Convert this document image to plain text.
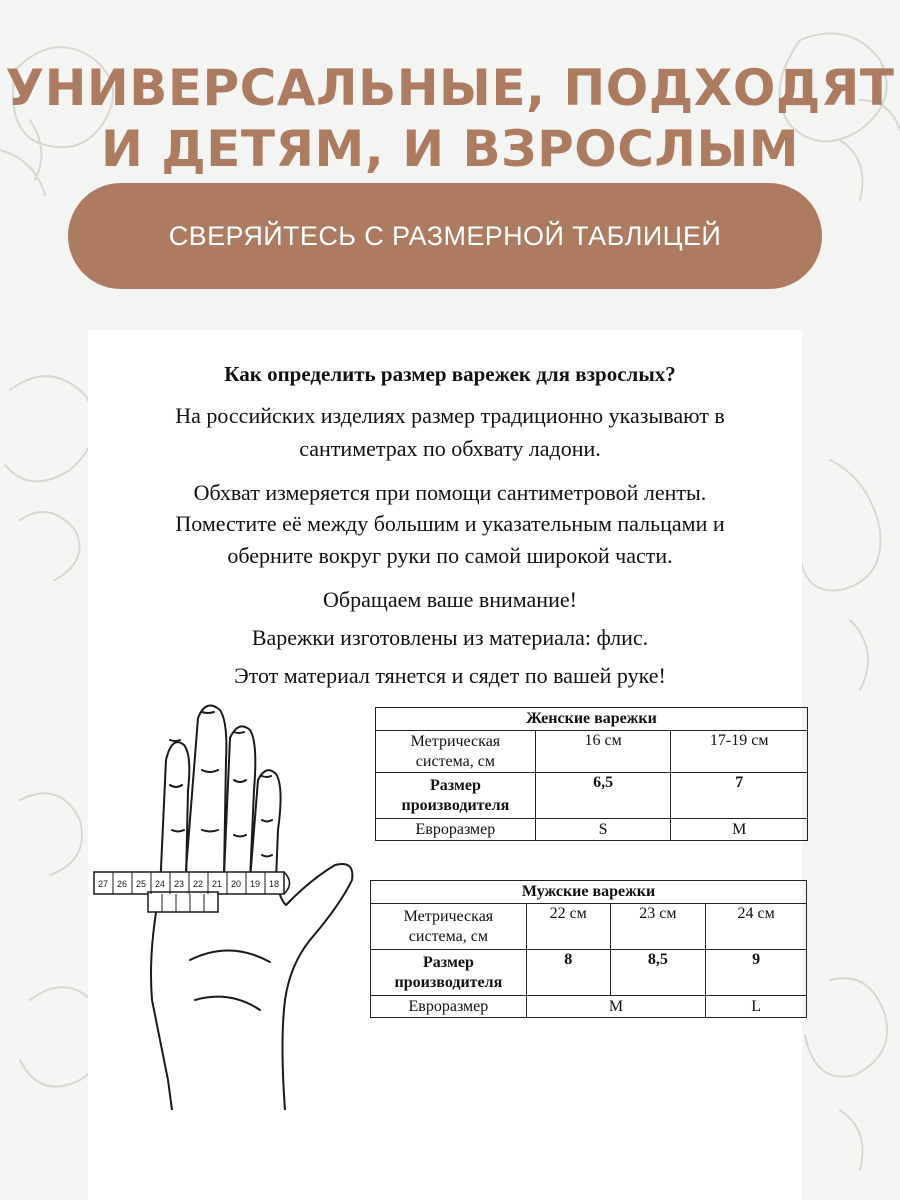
УНИВЕРСАЛЬНЫЕ, ПОДХОДЯТ
И ДЕТЯМ, И ВЗРОСЛЫМ
СВЕРЯЙТЕСЬ С РАЗМЕРНОЙ ТАБЛИЦЕЙ

Как определить размер варежек для взрослых?

На российских изделиях размер традиционно указывают в

сантиметрах по обхвату ладони.

Обхват измеряется при помощи сантиметровой ленты.

Поместите её между большим и указательным пальцами и

оберните вокруг руки по самой широкой части.

Обращаем ваше внимание!

Варежки изготовлены из материала: флис.

Этот материал тянется и сядет по вашей руке!

27 26 25 24 23 22 21 20 19 18
Женские варежки		
Метрическая
система, см	16 см	17-19 см
Размер
производителя	6,5	7
Евроразмер	S	M
Мужские варежки			
Метрическая
система, см	22 см	23 см	24 см
Размер
производителя	8	8,5	9
Евроразмер	M		L
